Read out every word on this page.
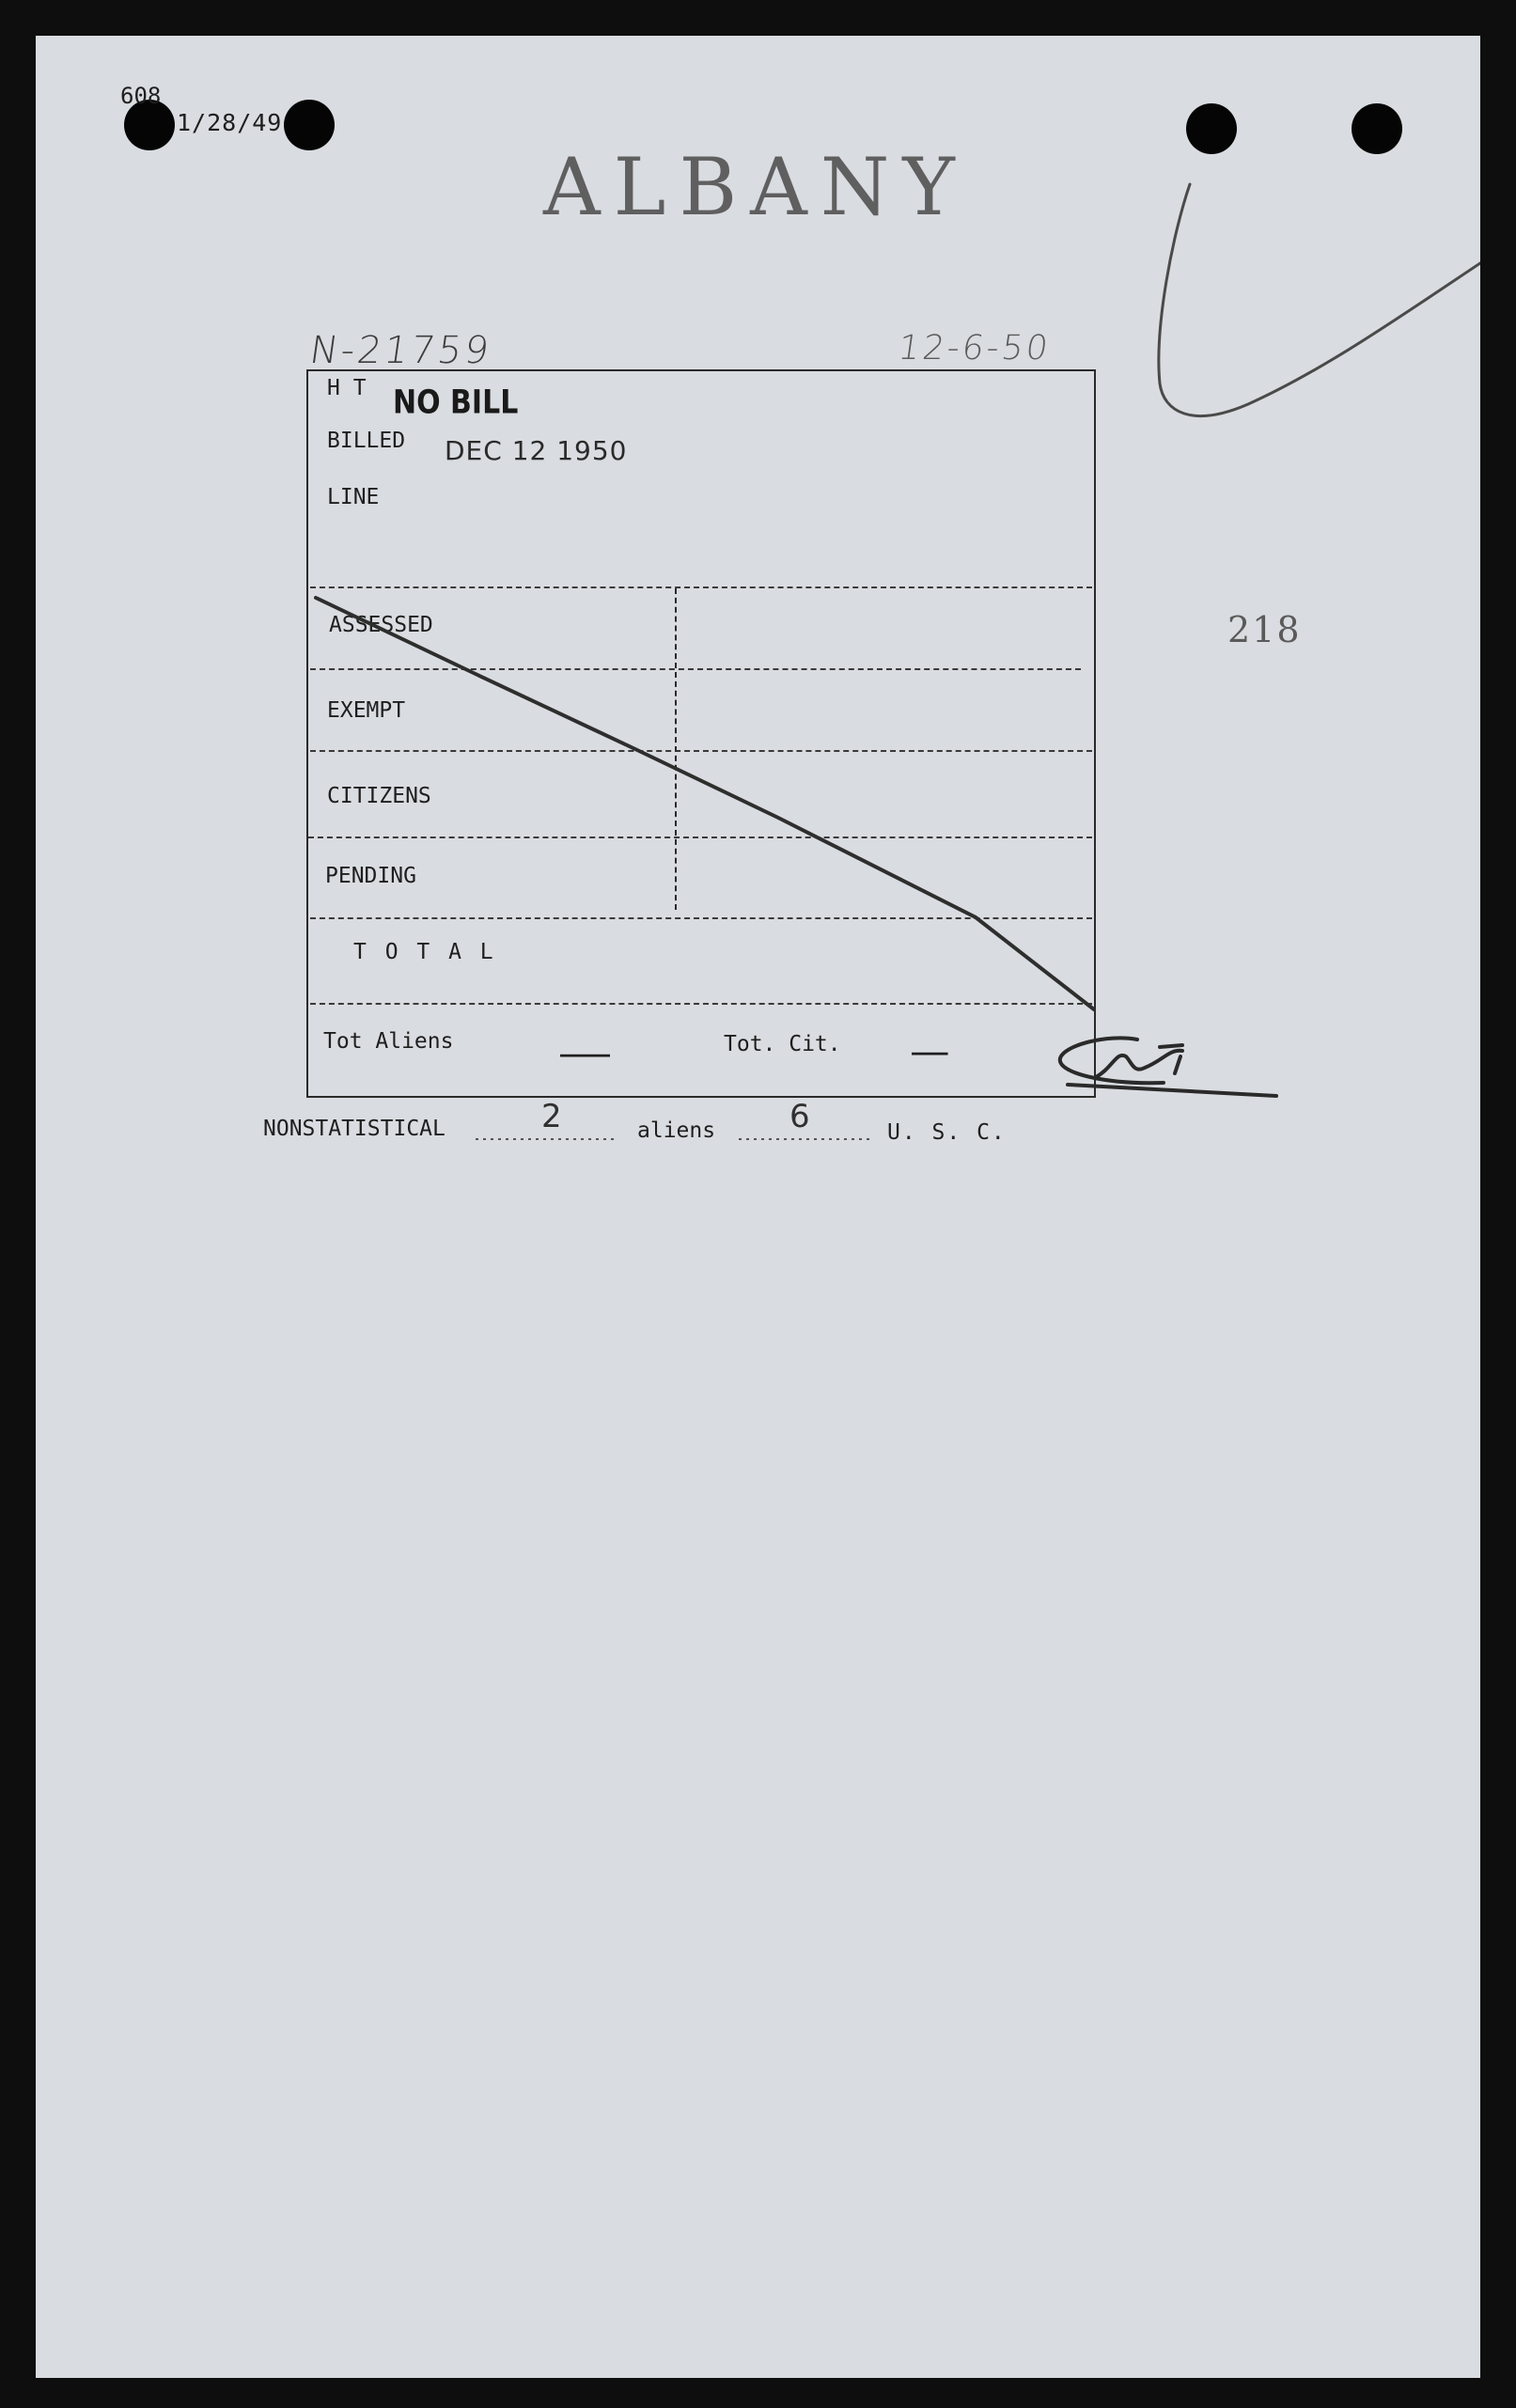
608
1/28/49
ALBANY
N-21759	12-6-50
218
H T NO BILL
BILLED DEC 12 1950
LINE
ASSESSED
EXEMPT
CITIZENS
PENDING
T O T A L
Tot Aliens	—	Tot. Cit. —
NONSTATISTICAL	2	aliens 6	U. S. C.
